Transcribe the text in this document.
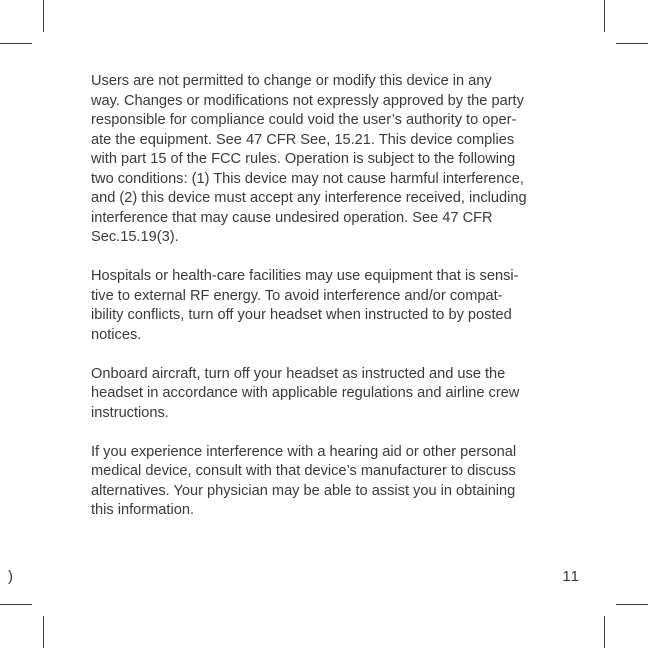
Users are not permitted to change or modify this device in any
way. Changes or modifications not expressly approved by the party
responsible for compliance could void the user’s authority to oper-
ate the equipment. See 47 CFR See, 15.21. This device complies
with part 15 of the FCC rules. Operation is subject to the following
two conditions: (1) This device may not cause harmful interference,
and (2) this device must accept any interference received, including
interference that may cause undesired operation. See 47 CFR
Sec.15.19(3).

Hospitals or health-care facilities may use equipment that is sensi-
tive to external RF energy. To avoid interference and/or compat-
ibility conflicts, turn off your headset when instructed to by posted
notices.

Onboard aircraft, turn off your headset as instructed and use the
headset in accordance with applicable regulations and airline crew
instructions.

If you experience interference with a hearing aid or other personal
medical device, consult with that device’s manufacturer to discuss
alternatives. Your physician may be able to assist you in obtaining
this information.

)	11
